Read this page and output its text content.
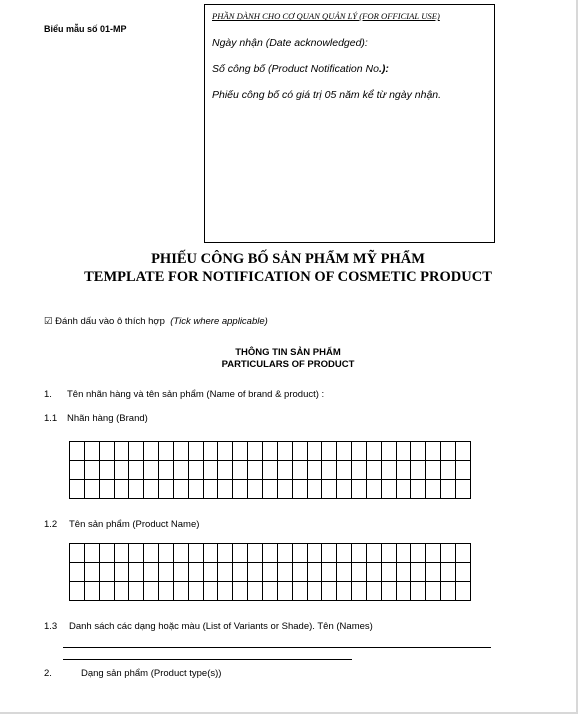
Biểu mẫu số 01-MP
PHẦN DÀNH CHO CƠ QUAN QUẢN LÝ (FOR OFFICIAL USE)
Ngày nhận (Date acknowledged):
Số công bố (Product Notification No.):
Phiếu công bố có giá trị 05 năm kể từ ngày nhận.
PHIẾU CÔNG BỐ SẢN PHẨM MỸ PHẨM
TEMPLATE FOR NOTIFICATION OF COSMETIC PRODUCT
☑ Đánh dấu vào ô thích hợp (Tick where applicable)
THÔNG TIN SẢN PHẨM
PARTICULARS OF PRODUCT
1. Tên nhãn hàng và tên sản phẩm (Name of brand & product) :
1.1 Nhãn hàng (Brand)
1.2 Tên sản phẩm (Product Name)
1.3 Danh sách các dạng hoặc màu (List of Variants or Shade). Tên (Names)
2.	Dạng sản phẩm (Product type(s))
